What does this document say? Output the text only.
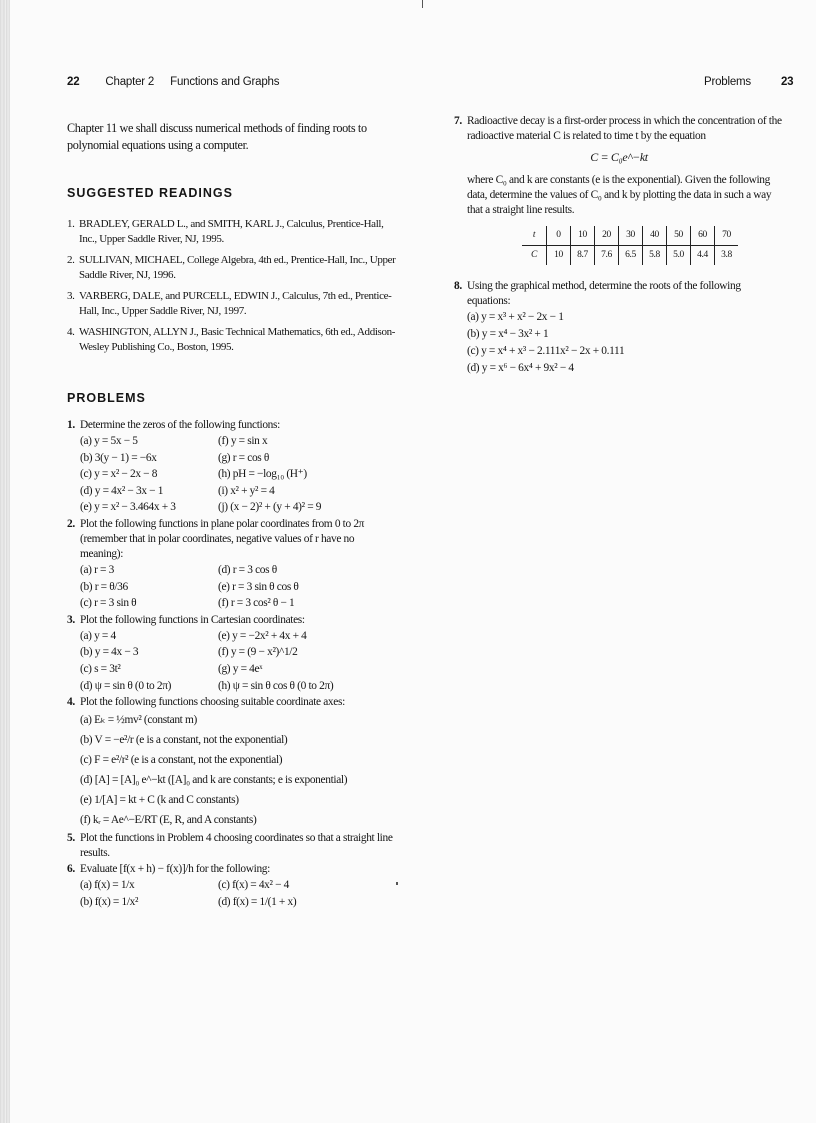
22 Chapter 2 Functions and Graphs	Problems	23

Chapter 11 we shall discuss numerical methods of finding roots to polynomial equations using a computer.

SUGGESTED READINGS
1. BRADLEY, GERALD L., and SMITH, KARL J., Calculus, Prentice-Hall, Inc., Upper Saddle River, NJ, 1995.
2. SULLIVAN, MICHAEL, College Algebra, 4th ed., Prentice-Hall, Inc., Upper Saddle River, NJ, 1996.
3. VARBERG, DALE, and PURCELL, EDWIN J., Calculus, 7th ed., Prentice-Hall, Inc., Upper Saddle River, NJ, 1997.
4. WASHINGTON, ALLYN J., Basic Technical Mathematics, 6th ed., Addison-Wesley Publishing Co., Boston, 1995.
PROBLEMS
1. Determine the zeros of the following functions:
(a) y = 5x − 5	(f) y = sin x
(b) 3(y − 1) = −6x	(g) r = cos θ
(c) y = x² − 2x − 8	(h) pH = −log₁₀ (H⁺)
(d) y = 4x² − 3x − 1	(i) x² + y² = 4
(e) y = x² − 3.464x + 3	(j) (x − 2)² + (y + 4)² = 9
2. Plot the following functions in plane polar coordinates from 0 to 2π (remember that in polar coordinates, negative values of r have no meaning):
(a) r = 3	(d) r = 3 cos θ
(b) r = θ/36	(e) r = 3 sin θ cos θ
(c) r = 3 sin θ	(f) r = 3 cos² θ − 1
3. Plot the following functions in Cartesian coordinates:
(a) y = 4	(e) y = −2x² + 4x + 4
(b) y = 4x − 3	(f) y = (9 − x²)^1/2
(c) s = 3t²	(g) y = 4eˣ
(d) ψ = sin θ (0 to 2π)	(h) ψ = sin θ cos θ (0 to 2π)
4. Plot the following functions choosing suitable coordinate axes:
(a) Eₖ = ½mv² (constant m)
(b) V = −e²/r (e is a constant, not the exponential)
(c) F = e²/r² (e is a constant, not the exponential)
(d) [A] = [A]₀ e^−kt ([A]₀ and k are constants; e is exponential)
(e) 1/[A] = kt + C (k and C constants)
(f) kᵣ = Ae^−E/RT (E, R, and A constants)
5. Plot the functions in Problem 4 choosing coordinates so that a straight line results.
6. Evaluate [f(x + h) − f(x)]/h for the following:
(a) f(x) = 1/x	(c) f(x) = 4x² − 4
(b) f(x) = 1/x²	(d) f(x) = 1/(1 + x)
7. Radioactive decay is a first-order process in which the concentration of the radioactive material C is related to time t by the equation
C = C₀e^−kt
where C₀ and k are constants (e is the exponential). Given the following data, determine the values of C₀ and k by plotting the data in such a way that a straight line results.
t	0	10	20	30	40	50	60	70
C	10	8.7	7.6	6.5	5.8	5.0	4.4	3.8
8. Using the graphical method, determine the roots of the following equations:
(a) y = x³ + x² − 2x − 1
(b) y = x⁴ − 3x² + 1
(c) y = x⁴ + x³ − 2.111x² − 2x + 0.111
(d) y = x⁶ − 6x⁴ + 9x² − 4
